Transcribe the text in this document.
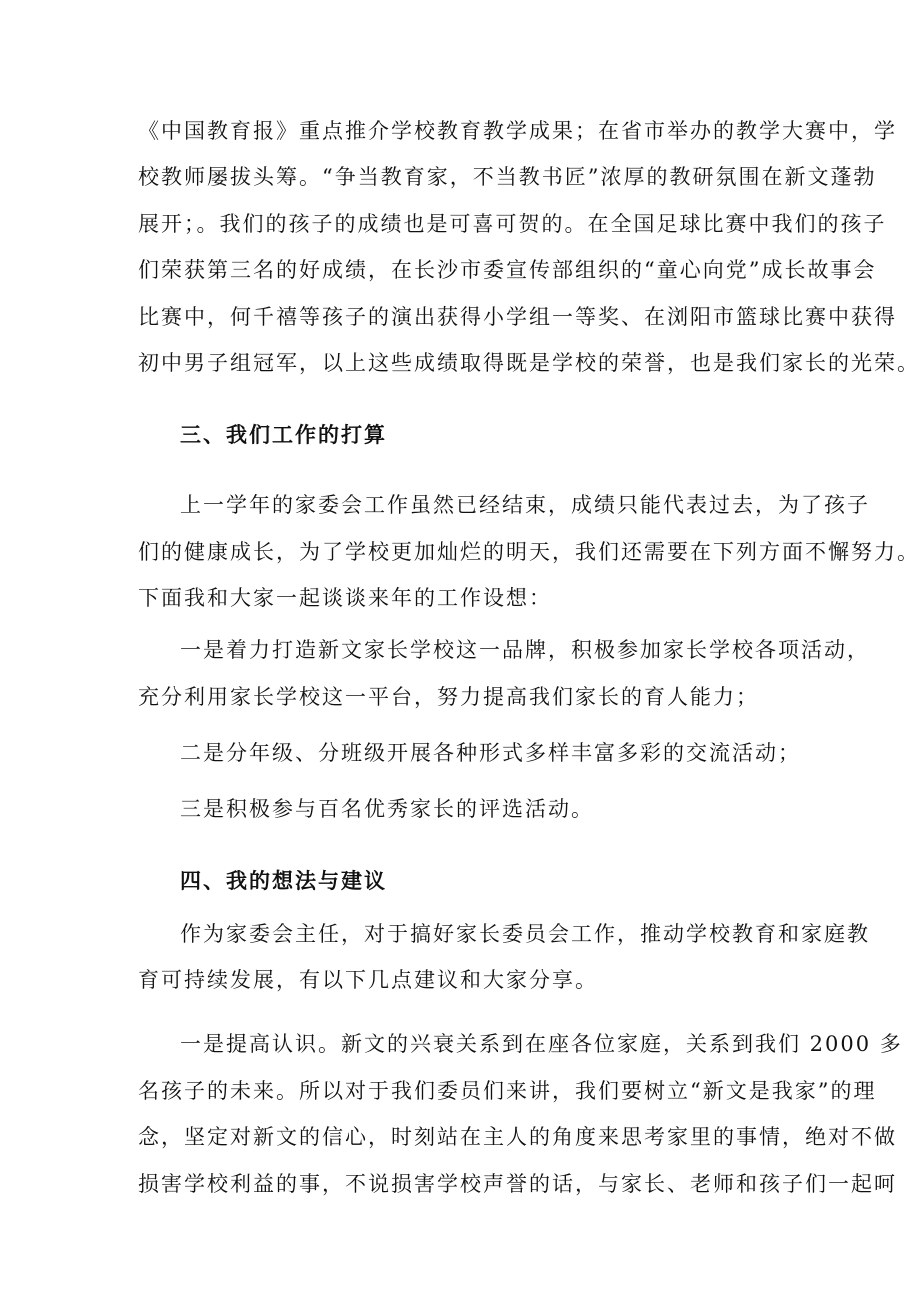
《中国教育报》重点推介学校教育教学成果；在省市举办的教学大赛中，学
校教师屡拔头筹。“争当教育家，不当教书匠”浓厚的教研氛围在新文蓬勃
展开；。我们的孩子的成绩也是可喜可贺的。在全国足球比赛中我们的孩子
们荣获第三名的好成绩，在长沙市委宣传部组织的“童心向党”成长故事会
比赛中，何千禧等孩子的演出获得小学组一等奖、在浏阳市篮球比赛中获得
初中男子组冠军，以上这些成绩取得既是学校的荣誉，也是我们家长的光荣。
三、我们工作的打算
上一学年的家委会工作虽然已经结束，成绩只能代表过去，为了孩子
们的健康成长，为了学校更加灿烂的明天，我们还需要在下列方面不懈努力。
下面我和大家一起谈谈来年的工作设想：
一是着力打造新文家长学校这一品牌，积极参加家长学校各项活动，
充分利用家长学校这一平台，努力提高我们家长的育人能力；
二是分年级、分班级开展各种形式多样丰富多彩的交流活动；
三是积极参与百名优秀家长的评选活动。
四、我的想法与建议
作为家委会主任，对于搞好家长委员会工作，推动学校教育和家庭教
育可持续发展，有以下几点建议和大家分享。
一是提高认识。新文的兴衰关系到在座各位家庭，关系到我们 2000 多
名孩子的未来。所以对于我们委员们来讲，我们要树立“新文是我家”的理
念，坚定对新文的信心，时刻站在主人的角度来思考家里的事情，绝对不做
损害学校利益的事，不说损害学校声誉的话，与家长、老师和孩子们一起呵
